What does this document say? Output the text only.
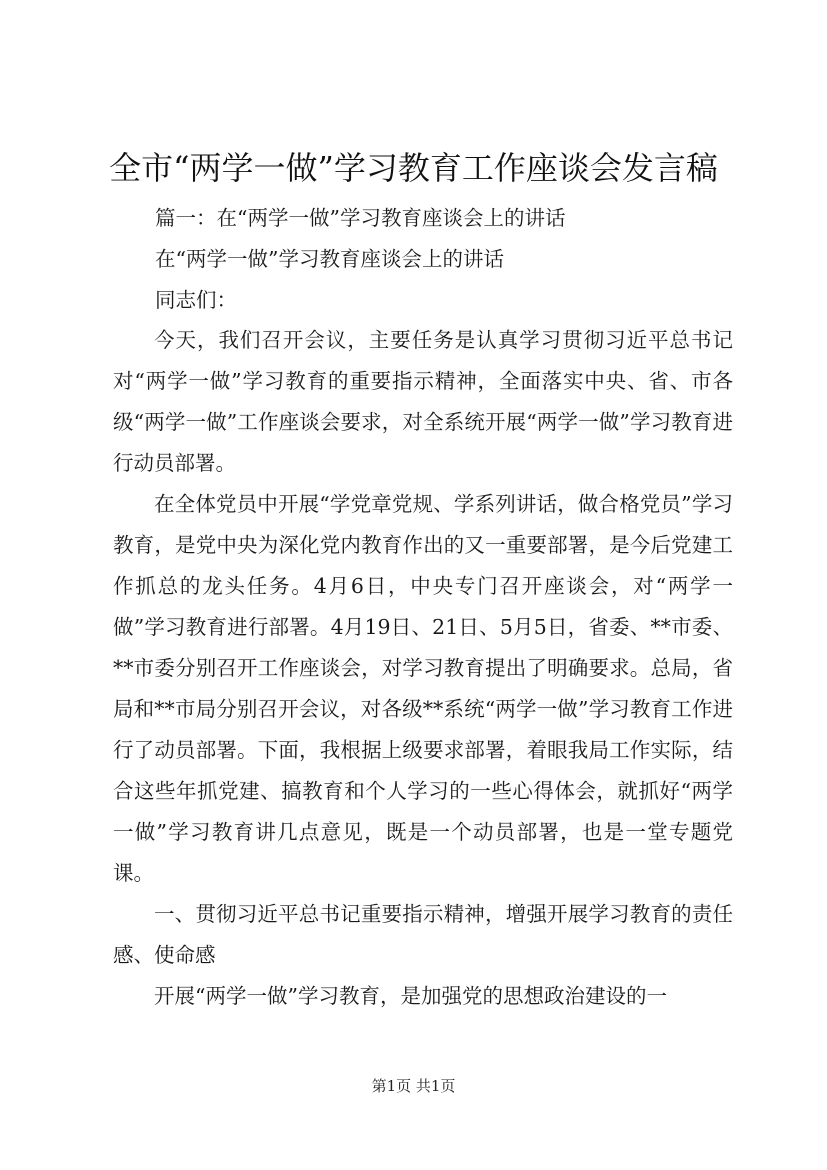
全市“两学一做”学习教育工作座谈会发言稿
篇一：在“两学一做”学习教育座谈会上的讲话
在“两学一做”学习教育座谈会上的讲话
同志们：

今天，我们召开会议，主要任务是认真学习贯彻习近平总书记对“两学一做”学习教育的重要指示精神，全面落实中央、省、市各级“两学一做”工作座谈会要求，对全系统开展“两学一做”学习教育进行动员部署。

在全体党员中开展“学党章党规、学系列讲话，做合格党员”学习教育，是党中央为深化党内教育作出的又一重要部署，是今后党建工作抓总的龙头任务。4月6日，中央专门召开座谈会，对“两学一做”学习教育进行部署。4月19日、21日、5月5日，省委、**市委、**市委分别召开工作座谈会，对学习教育提出了明确要求。总局，省局和**市局分别召开会议，对各级**系统“两学一做”学习教育工作进行了动员部署。下面，我根据上级要求部署，着眼我局工作实际，结合这些年抓党建、搞教育和个人学习的一些心得体会，就抓好“两学一做”学习教育讲几点意见，既是一个动员部署，也是一堂专题党课。

一、贯彻习近平总书记重要指示精神，增强开展学习教育的责任感、使命感

开展“两学一做”学习教育，是加强党的思想政治建设的一

第1页 共1页
